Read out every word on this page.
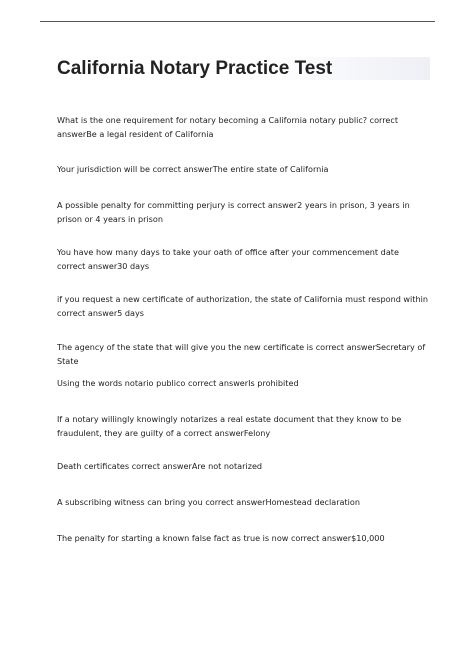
California Notary Practice Test

What is the one requirement for notary becoming a California notary public? correct answerBe a legal resident of California

Your jurisdiction will be correct answerThe entire state of California

A possible penalty for committing perjury is correct answer2 years in prison, 3 years in prison or 4 years in prison

You have how many days to take your oath of office after your commencement date correct answer30 days

if you request a new certificate of authorization, the state of California must respond within correct answer5 days

The agency of the state that will give you the new certificate is correct answerSecretary of State

Using the words notario publico correct answerIs prohibited

If a notary willingly knowingly notarizes a real estate document that they know to be fraudulent, they are guilty of a correct answerFelony

Death certificates correct answerAre not notarized

A subscribing witness can bring you correct answerHomestead declaration

The penalty for starting a known false fact as true is now correct answer$10,000
